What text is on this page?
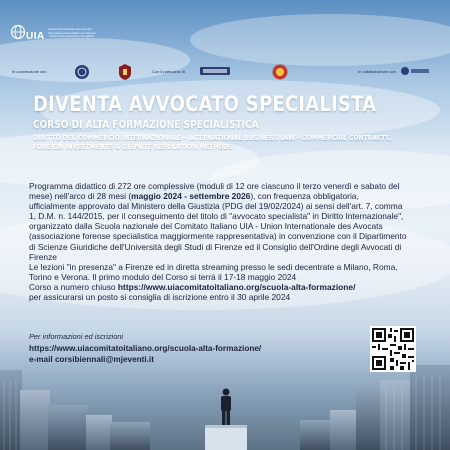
UIA
Union Internationale des Avocats · International Association of Lawyers · Unión Internacional de Abogados
In convenzione con	Con il patrocinio di	In collaborazione con
DIVENTA AVVOCATO SPECIALISTA
CORSO DI ALTA FORMAZIONE SPECIALISTICA

DIRITTO DEL COMMERCIO INTERNAZIONALE - INTERNATIONAL BUSINESS LAW - COMMERCIAL CONTRACTS,
FOREIGN INVESTMENTS & DISPUTE RESOLUTION METHODS

Programma didattico di 272 ore complessive (moduli di 12 ore ciascuno il terzo venerdì e sabato del mese) nell'arco di 28 mesi (maggio 2024 - settembre 2026), con frequenza obbligatoria, ufficialmente approvato dal Ministero della Giustizia (PDG del 19/02/2024) ai sensi dell'art. 7, comma 1, D.M. n. 144/2015, per il conseguimento del titolo di "avvocato specialista" in Diritto Internazionale", organizzato dalla Scuola nazionale del Comitato Italiano UIA - Union Internationale des Avocats (associazione forense specialistica maggiormente rappresentativa) in convenzione con il Dipartimento di Scienze Giuridiche dell'Università degli Studi di Firenze ed il Consiglio dell'Ordine degli Avvocati di Firenze
Le lezioni "in presenza" a Firenze ed in diretta streaming presso le sedi decentrate a Milano, Roma, Torino e Verona. Il primo modulo del Corso si terrà il 17-18 maggio 2024
Corso a numero chiuso https://www.uiacomitatoitaliano.org/scuola-alta-formazione/
per assicurarsi un posto si consiglia di iscrizione entro il 30 aprile 2024

Per informazioni ed iscrizioni

https://www.uiacomitatoitaliano.org/scuola-alta-formazione/

e-mail corsibiennali@mjeventi.it
